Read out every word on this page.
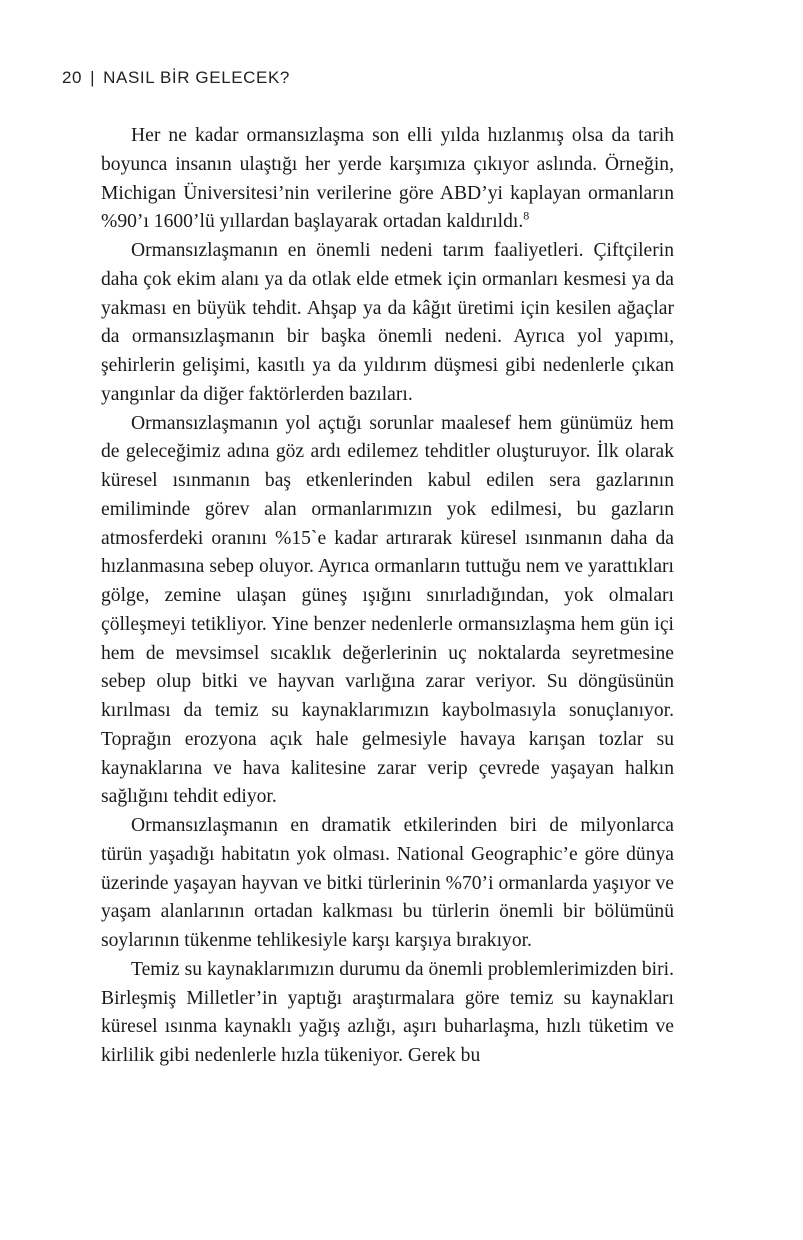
20 | NASIL BİR GELECEK?

Her ne kadar ormansızlaşma son elli yılda hızlanmış olsa da tarih boyunca insanın ulaştığı her yerde karşımıza çıkıyor aslında. Örneğin, Michigan Üniversitesi’nin verilerine göre ABD’yi kaplayan ormanların %90’ı 1600’lü yıllardan başlayarak ortadan kaldırıldı.$^8$

Ormansızlaşmanın en önemli nedeni tarım faaliyetleri. Çiftçilerin daha çok ekim alanı ya da otlak elde etmek için ormanları kesmesi ya da yakması en büyük tehdit. Ahşap ya da kâğıt üretimi için kesilen ağaçlar da ormansızlaşmanın bir başka önemli nedeni. Ayrıca yol yapımı, şehirlerin gelişimi, kasıtlı ya da yıldırım düşmesi gibi nedenlerle çıkan yangınlar da diğer faktörlerden bazıları.

Ormansızlaşmanın yol açtığı sorunlar maalesef hem günümüz hem de geleceğimiz adına göz ardı edilemez tehditler oluşturuyor. İlk olarak küresel ısınmanın baş etkenlerinden kabul edilen sera gazlarının emiliminde görev alan ormanlarımızın yok edilmesi, bu gazların atmosferdeki oranını %15`e kadar artırarak küresel ısınmanın daha da hızlanmasına sebep oluyor. Ayrıca ormanların tuttuğu nem ve yarattıkları gölge, zemine ulaşan güneş ışığını sınırladığından, yok olmaları çölleşmeyi tetikliyor. Yine benzer nedenlerle ormansızlaşma hem gün içi hem de mevsimsel sıcaklık değerlerinin uç noktalarda seyretmesine sebep olup bitki ve hayvan varlığına zarar veriyor. Su döngüsünün kırılması da temiz su kaynaklarımızın kaybolmasıyla sonuçlanıyor. Toprağın erozyona açık hale gelmesiyle havaya karışan tozlar su kaynaklarına ve hava kalitesine zarar verip çevrede yaşayan halkın sağlığını tehdit ediyor.

Ormansızlaşmanın en dramatik etkilerinden biri de milyonlarca türün yaşadığı habitatın yok olması. National Geographic’e göre dünya üzerinde yaşayan hayvan ve bitki türlerinin %70’i ormanlarda yaşıyor ve yaşam alanlarının ortadan kalkması bu türlerin önemli bir bölümünü soylarının tükenme tehlikesiyle karşı karşıya bırakıyor.

Temiz su kaynaklarımızın durumu da önemli problemlerimizden biri. Birleşmiş Milletler’in yaptığı araştırmalara göre temiz su kaynakları küresel ısınma kaynaklı yağış azlığı, aşırı buharlaşma, hızlı tüketim ve kirlilik gibi nedenlerle hızla tükeniyor. Gerek bu
